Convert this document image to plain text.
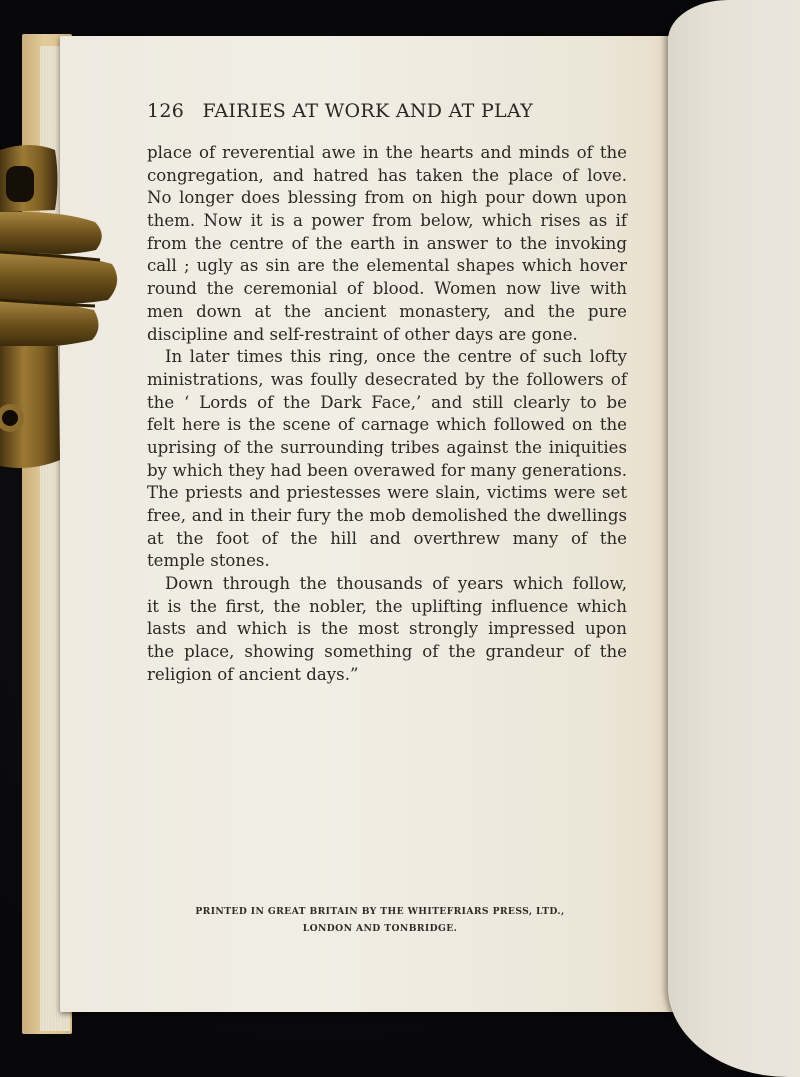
126 FAIRIES AT WORK AND AT PLAY
place of reverential awe in the hearts and minds of the
congregation, and hatred has taken the place of love.
No longer does blessing from on high pour down upon
them. Now it is a power from below, which rises as if
from the centre of the earth in answer to the invoking
call ; ugly as sin are the elemental shapes which hover
round the ceremonial of blood. Women now live with
men down at the ancient monastery, and the pure
discipline and self-restraint of other days are gone.
In later times this ring, once the centre of such lofty
ministrations, was foully desecrated by the followers of
the ‘ Lords of the Dark Face,’ and still clearly to be
felt here is the scene of carnage which followed on the
uprising of the surrounding tribes against the iniquities
by which they had been overawed for many generations.
The priests and priestesses were slain, victims were set
free, and in their fury the mob demolished the dwellings
at the foot of the hill and overthrew many of the
temple stones.
Down through the thousands of years which follow,
it is the first, the nobler, the uplifting influence which
lasts and which is the most strongly impressed upon
the place, showing something of the grandeur of the
religion of ancient days.”
PRINTED IN GREAT BRITAIN BY THE WHITEFRIARS PRESS, LTD.,
LONDON AND TONBRIDGE.
